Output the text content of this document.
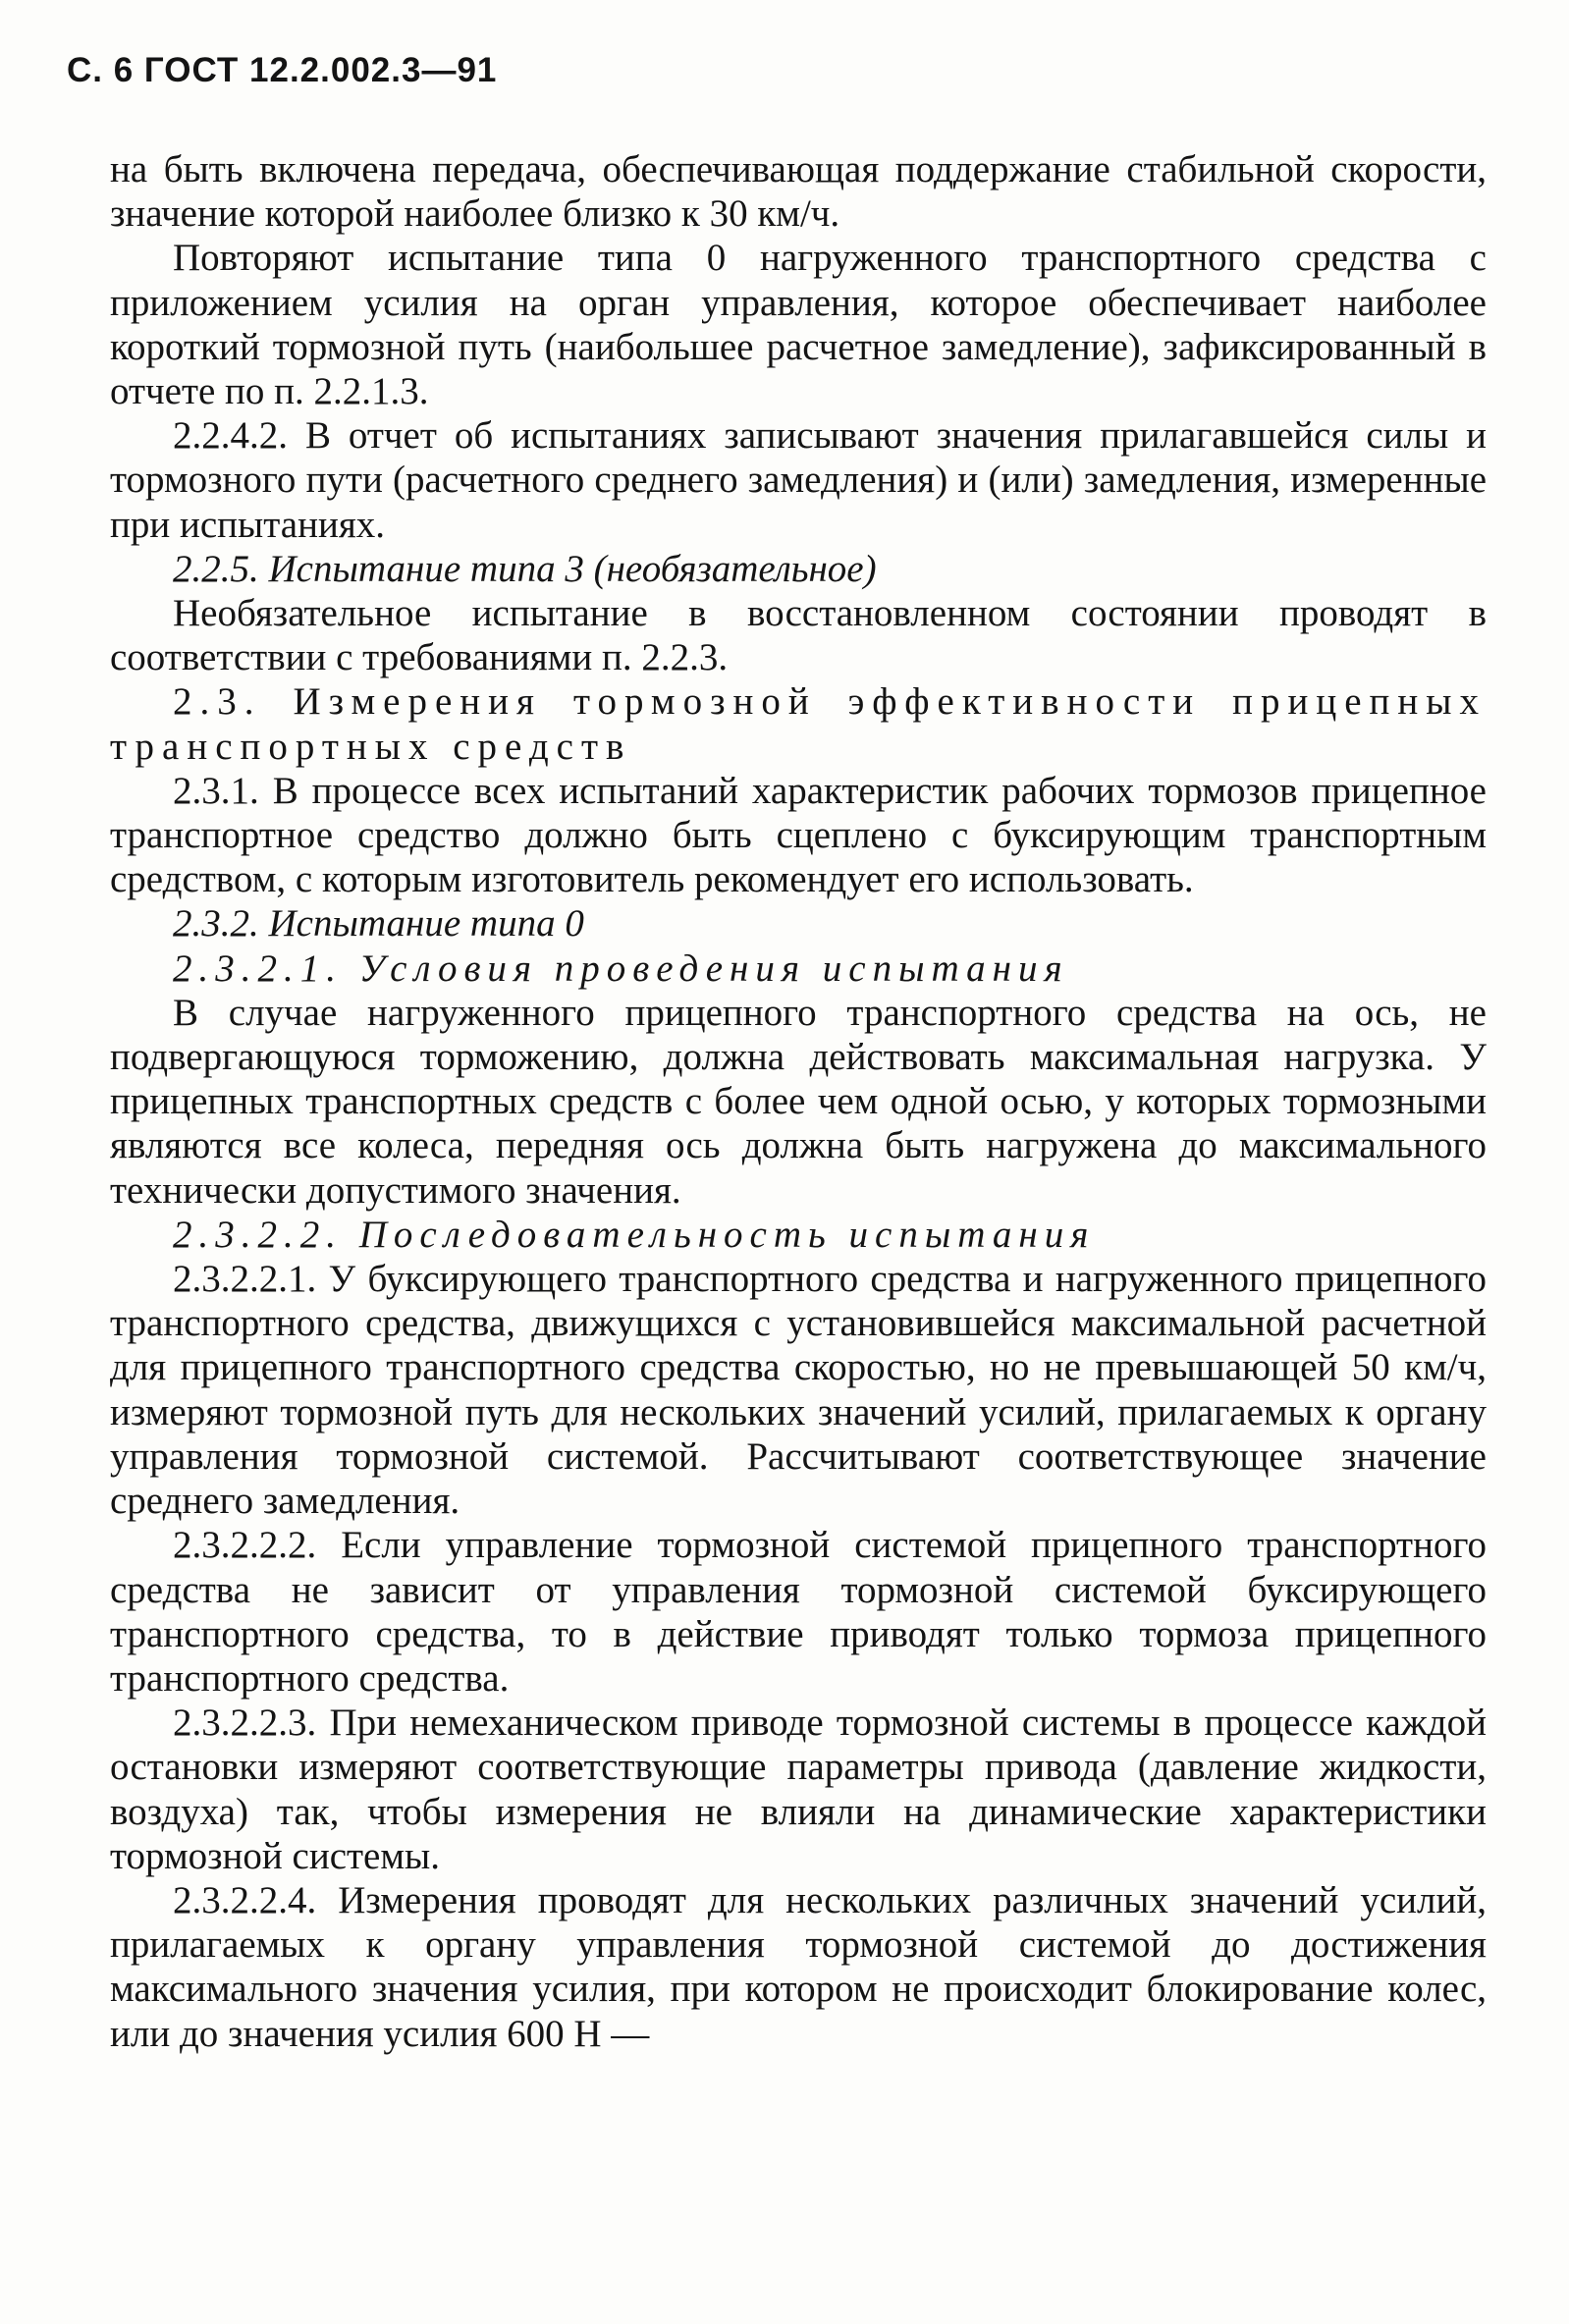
С. 6 ГОСТ 12.2.002.3—91

на быть включена передача, обеспечивающая поддержание стабильной скорости, значение которой наиболее близко к 30 км/ч.

Повторяют испытание типа 0 нагруженного транспортного средства с приложением усилия на орган управления, которое обеспечивает наиболее короткий тормозной путь (наибольшее расчетное замедление), зафиксированный в отчете по п. 2.2.1.3.

2.2.4.2. В отчет об испытаниях записывают значения прилагавшейся силы и тормозного пути (расчетного среднего замедления) и (или) замедления, измеренные при испытаниях.

2.2.5. Испытание типа 3 (необязательное)

Необязательное испытание в восстановленном состоянии проводят в соответствии с требованиями п. 2.2.3.

2.3. Измерения тормозной эффективности прицепных транспортных средств

2.3.1. В процессе всех испытаний характеристик рабочих тормозов прицепное транспортное средство должно быть сцеплено с буксирующим транспортным средством, с которым изготовитель рекомендует его использовать.

2.3.2. Испытание типа 0

2.3.2.1. Условия проведения испытания

В случае нагруженного прицепного транспортного средства на ось, не подвергающуюся торможению, должна действовать максимальная нагрузка. У прицепных транспортных средств с более чем одной осью, у которых тормозными являются все колеса, передняя ось должна быть нагружена до максимального технически допустимого значения.

2.3.2.2. Последовательность испытания

2.3.2.2.1. У буксирующего транспортного средства и нагруженного прицепного транспортного средства, движущихся с установившейся максимальной расчетной для прицепного транспортного средства скоростью, но не превышающей 50 км/ч, измеряют тормозной путь для нескольких значений усилий, прилагаемых к органу управления тормозной системой. Рассчитывают соответствующее значение среднего замедления.

2.3.2.2.2. Если управление тормозной системой прицепного транспортного средства не зависит от управления тормозной системой буксирующего транспортного средства, то в действие приводят только тормоза прицепного транспортного средства.

2.3.2.2.3. При немеханическом приводе тормозной системы в процессе каждой остановки измеряют соответствующие параметры привода (давление жидкости, воздуха) так, чтобы измерения не влияли на динамические характеристики тормозной системы.

2.3.2.2.4. Измерения проводят для нескольких различных значений усилий, прилагаемых к органу управления тормозной системой до достижения максимального значения усилия, при котором не происходит блокирование колес, или до значения усилия 600 Н —
